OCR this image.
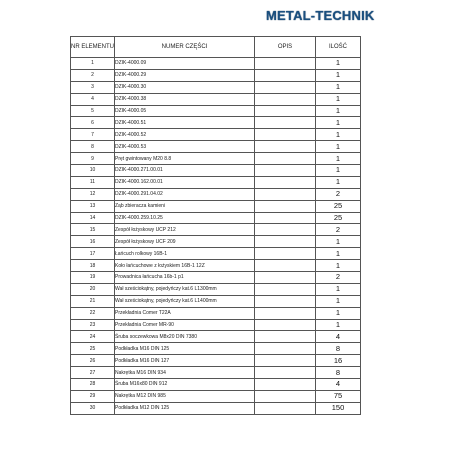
METAL-TECHNIK
NR ELEMENTU	NUMER CZĘŚCI	OPIS	ILOŚĆ
1	DZIK-4000.09		1
2	DZIK-4000.29		1
3	DZIK-4000.30		1
4	DZIK-4000.38		1
5	DZIK-4000.05		1
6	DZIK-4000.51		1
7	DZIK-4000.52		1
8	DZIK-4000.53		1
9	Pręt gwintowany M20 8.8		1
10	DZIK-4000.271.00.01		1
11	DZIK-4000.162.00.01		1
12	DZIK-4000.291.04.02		2
13	Ząb zbieracza kamieni		25
14	DZIK-4000.259.10.25		25
15	Zespół łożyskowy UCP 212		2
16	Zespół łożyskowy UCF 209		1
17	Łańcuch rolkowy 16B-1		1
18	Koło łańcuchowe z łożyskiem 16B-1 12Z		1
19	Prowadnica łańcucha 16b-1 p1		2
20	Wał sześciokątny, pojedyńczy kat.6 L1300mm		1
21	Wał sześciokątny, pojedyńczy kat.6 L1400mm		1
22	Przekładnia Comer T22A		1
23	Przekładnia Comer MR-90		1
24	Śruba soczewkowa M8x20 DIN 7380		4
25	Podkładka M16 DIN 125		8
26	Podkładka M16 DIN 127		16
27	Nakrętka M16 DIN 934		8
28	Śruba M16x80 DIN 912		4
29	Nakrętka M12 DIN 985		75
30	Podkładka M12 DIN 125		150
